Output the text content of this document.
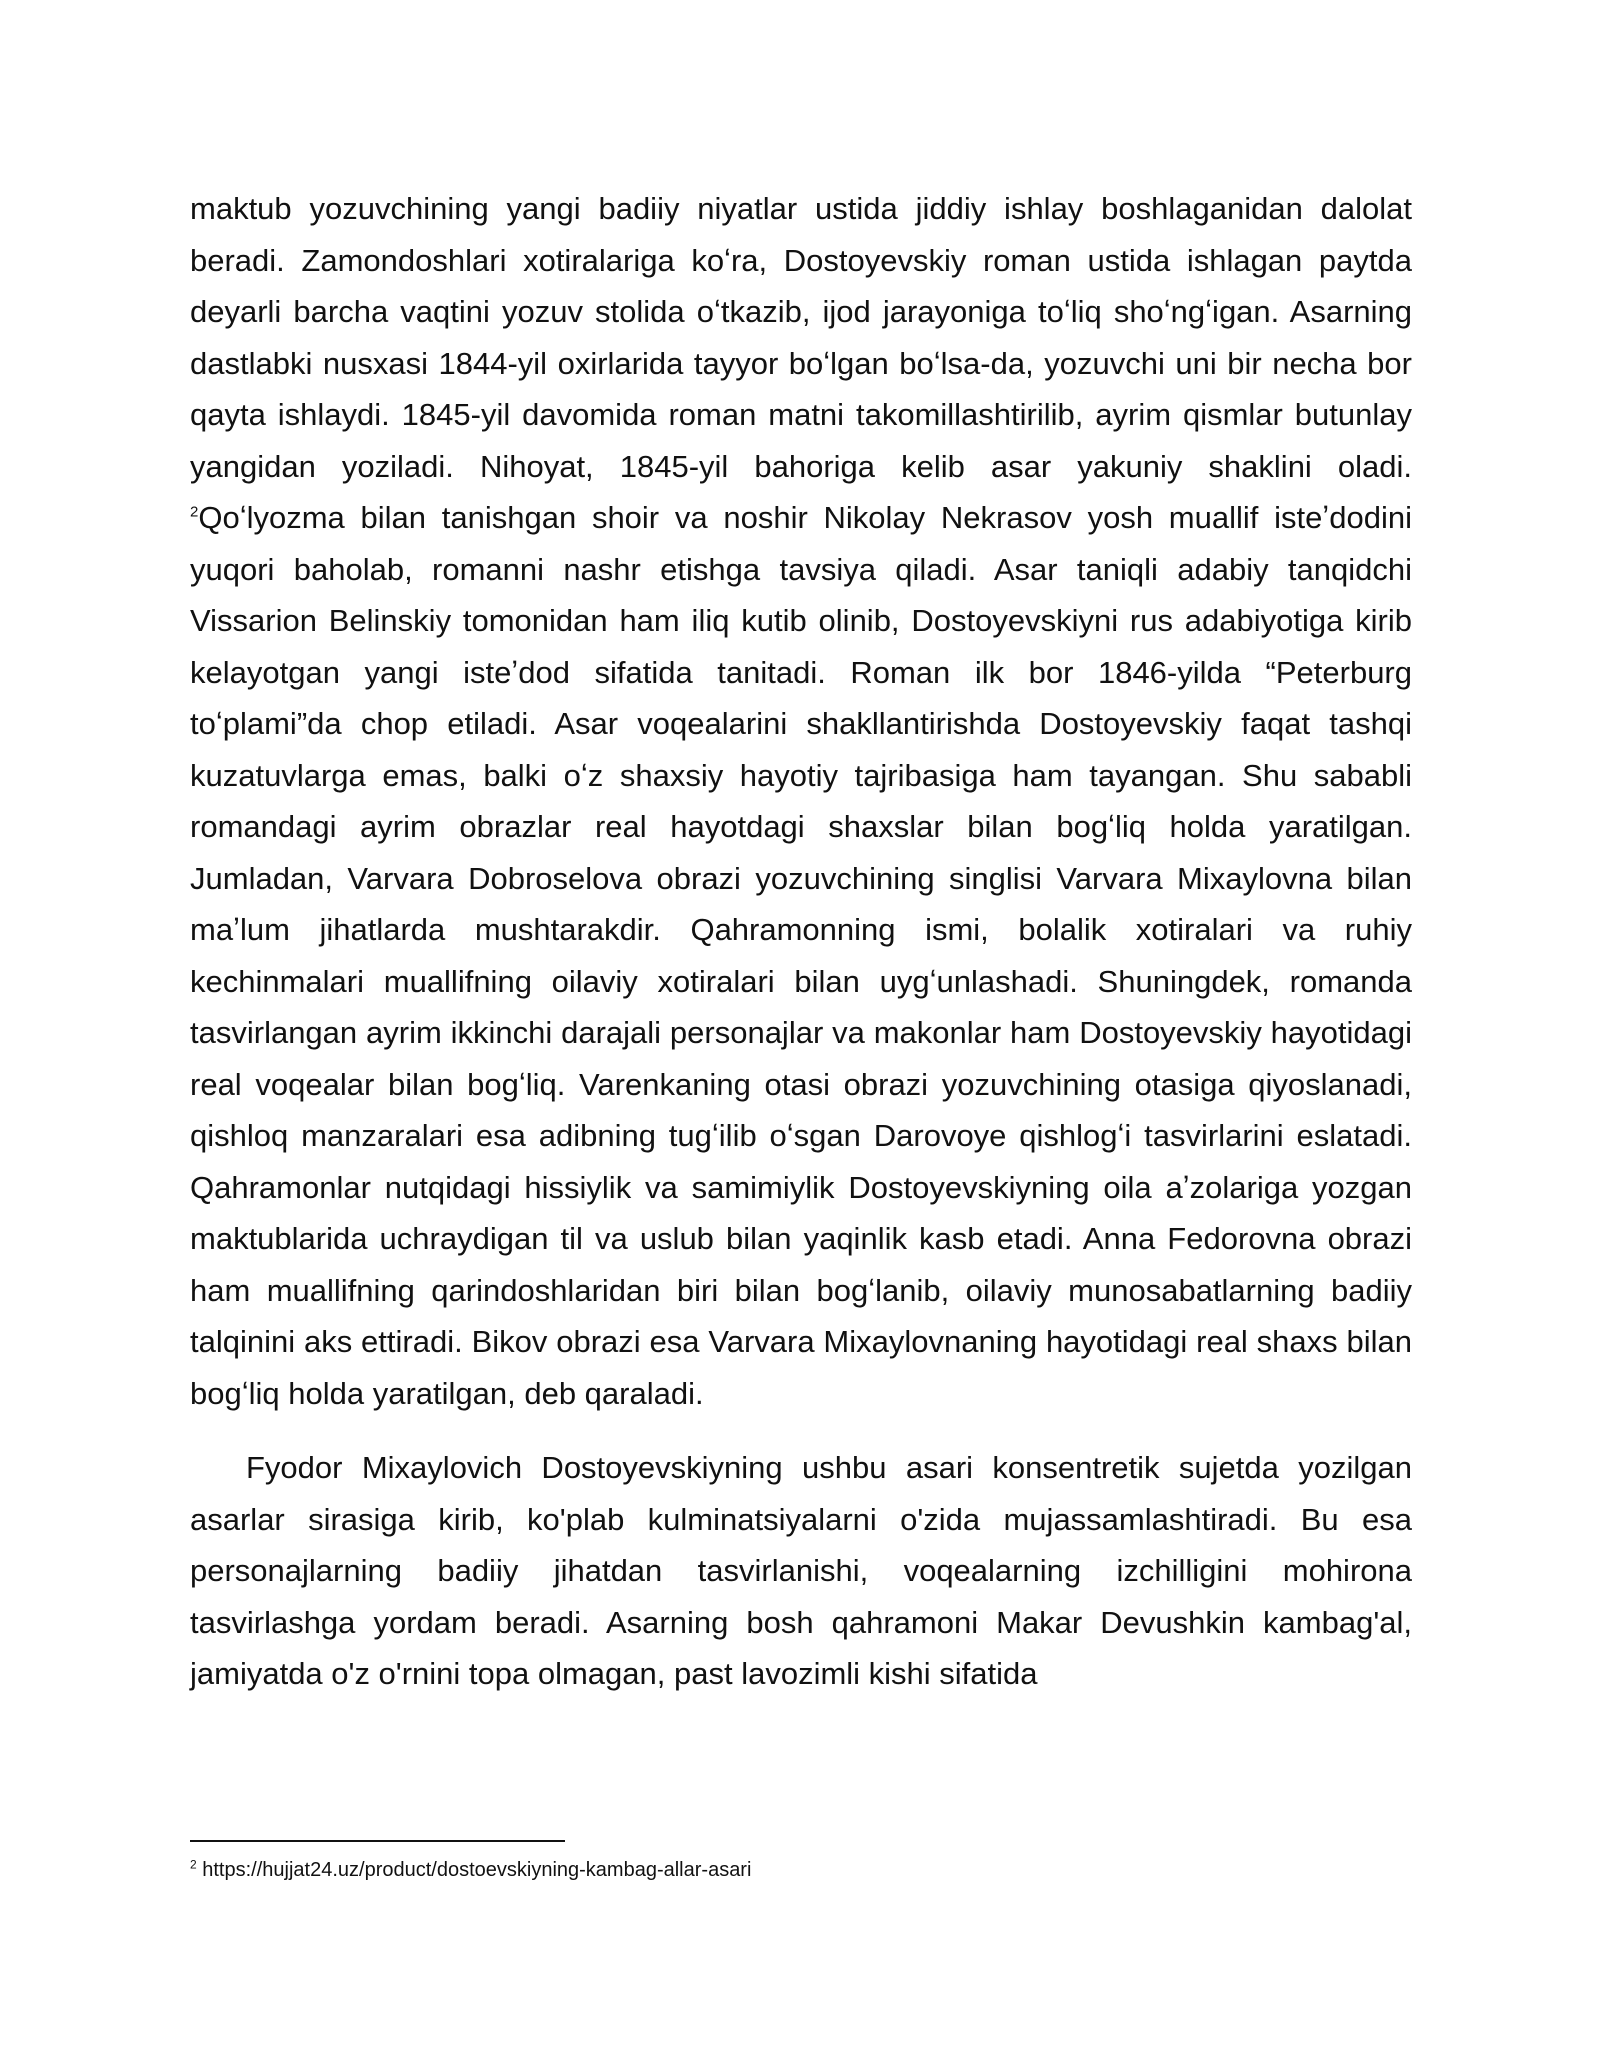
maktub yozuvchining yangi badiiy niyatlar ustida jiddiy ishlay boshlaganidan dalolat beradi. Zamondoshlari xotiralariga koʻra, Dostoyevskiy roman ustida ishlagan paytda deyarli barcha vaqtini yozuv stolida oʻtkazib, ijod jarayoniga toʻliq shoʻngʻigan. Asarning dastlabki nusxasi 1844-yil oxirlarida tayyor boʻlgan boʻlsa-da, yozuvchi uni bir necha bor qayta ishlaydi. 1845-yil davomida roman matni takomillashtirilib, ayrim qismlar butunlay yangidan yoziladi. Nihoyat, 1845-yil bahoriga kelib asar yakuniy shaklini oladi. $^2$Qoʻlyozma bilan tanishgan shoir va noshir Nikolay Nekrasov yosh muallif isteʼdodini yuqori baholab, romanni nashr etishga tavsiya qiladi. Asar taniqli adabiy tanqidchi Vissarion Belinskiy tomonidan ham iliq kutib olinib, Dostoyevskiyni rus adabiyotiga kirib kelayotgan yangi isteʼdod sifatida tanitadi. Roman ilk bor 1846-yilda “Peterburg toʻplami”da chop etiladi. Asar voqealarini shakllantirishda Dostoyevskiy faqat tashqi kuzatuvlarga emas, balki oʻz shaxsiy hayotiy tajribasiga ham tayangan. Shu sababli romandagi ayrim obrazlar real hayotdagi shaxslar bilan bogʻliq holda yaratilgan. Jumladan, Varvara Dobroselova obrazi yozuvchining singlisi Varvara Mixaylovna bilan maʼlum jihatlarda mushtarakdir. Qahramonning ismi, bolalik xotiralari va ruhiy kechinmalari muallifning oilaviy xotiralari bilan uygʻunlashadi. Shuningdek, romanda tasvirlangan ayrim ikkinchi darajali personajlar va makonlar ham Dostoyevskiy hayotidagi real voqealar bilan bogʻliq. Varenkaning otasi obrazi yozuvchining otasiga qiyoslanadi, qishloq manzaralari esa adibning tugʻilib oʻsgan Darovoye qishlogʻi tasvirlarini eslatadi. Qahramonlar nutqidagi hissiylik va samimiylik Dostoyevskiyning oila aʼzolariga yozgan maktublarida uchraydigan til va uslub bilan yaqinlik kasb etadi. Anna Fedorovna obrazi ham muallifning qarindoshlaridan biri bilan bogʻlanib, oilaviy munosabatlarning badiiy talqinini aks ettiradi. Bikov obrazi esa Varvara Mixaylovnaning hayotidagi real shaxs bilan bogʻliq holda yaratilgan, deb qaraladi.

Fyodor Mixaylovich Dostoyevskiyning ushbu asari konsentretik sujetda yozilgan asarlar sirasiga kirib, ko'plab kulminatsiyalarni o'zida mujassamlashtiradi. Bu esa personajlarning badiiy jihatdan tasvirlanishi, voqealarning izchilligini mohirona tasvirlashga yordam beradi. Asarning bosh qahramoni Makar Devushkin kambag'al, jamiyatda o'z o'rnini topa olmagan, past lavozimli kishi sifatida

$^2$ https://hujjat24.uz/product/dostoevskiyning-kambag-allar-asari
